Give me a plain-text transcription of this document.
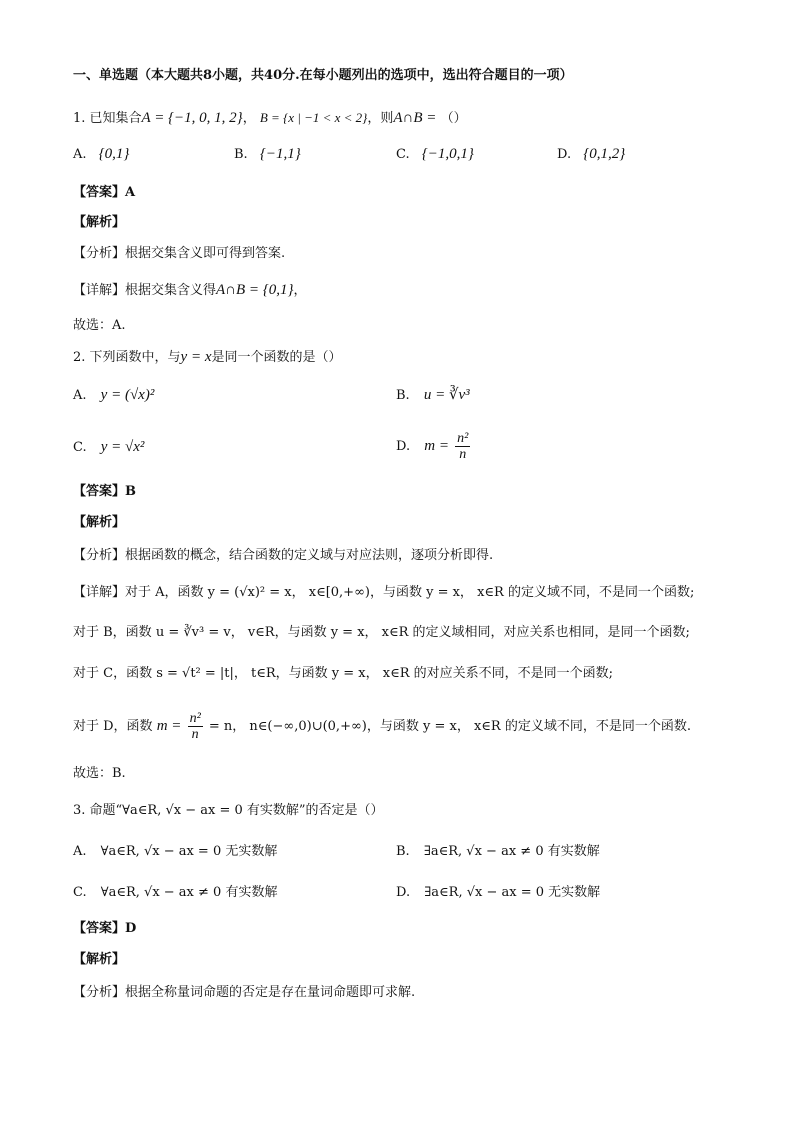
一、单选题（本大题共8小题，共40分.在每小题列出的选项中，选出符合题目的一项）
1. 已知集合A = {−1, 0, 1, 2}， B = {x | −1 < x < 2}，则A∩B = （）
A. {0,1}	B. {−1,1}	C. {−1,0,1}	D. {0,1,2}
【答案】A
【解析】
【分析】根据交集含义即可得到答案.
【详解】根据交集含义得A∩B = {0,1}，
故选：A.
2. 下列函数中，与y = x是同一个函数的是（）
A. y = (√x)²	B. u = ∛v³
C. y = √x²	D. $m = \frac{\text{n²}}{n}$
【答案】B
【解析】
【分析】根据函数的概念，结合函数的定义域与对应法则，逐项分析即得.
【详解】对于 A，函数 y = (√x)² = x， x∈[0,+∞)，与函数 y = x， x∈R 的定义域不同，不是同一个函数;
对于 B，函数 u = ∛v³ = v， v∈R，与函数 y = x， x∈R 的定义域相同，对应关系也相同，是同一个函数;
对于 C，函数 s = √t² = |t|， t∈R，与函数 y = x， x∈R 的对应关系不同，不是同一个函数;
对于 D，函数 $m = \frac{\text{n²}}{n} = n$， n∈(−∞,0)∪(0,+∞)，与函数 y = x， x∈R 的定义域不同，不是同一个函数.
故选：B.
3. 命题“∀a∈R, √x − ax = 0 有实数解”的否定是（）
A. ∀a∈R, √x − ax = 0 无实数解	B. ∃a∈R, √x − ax ≠ 0 有实数解
C. ∀a∈R, √x − ax ≠ 0 有实数解	D. ∃a∈R, √x − ax = 0 无实数解
【答案】D
【解析】
【分析】根据全称量词命题的否定是存在量词命题即可求解.
